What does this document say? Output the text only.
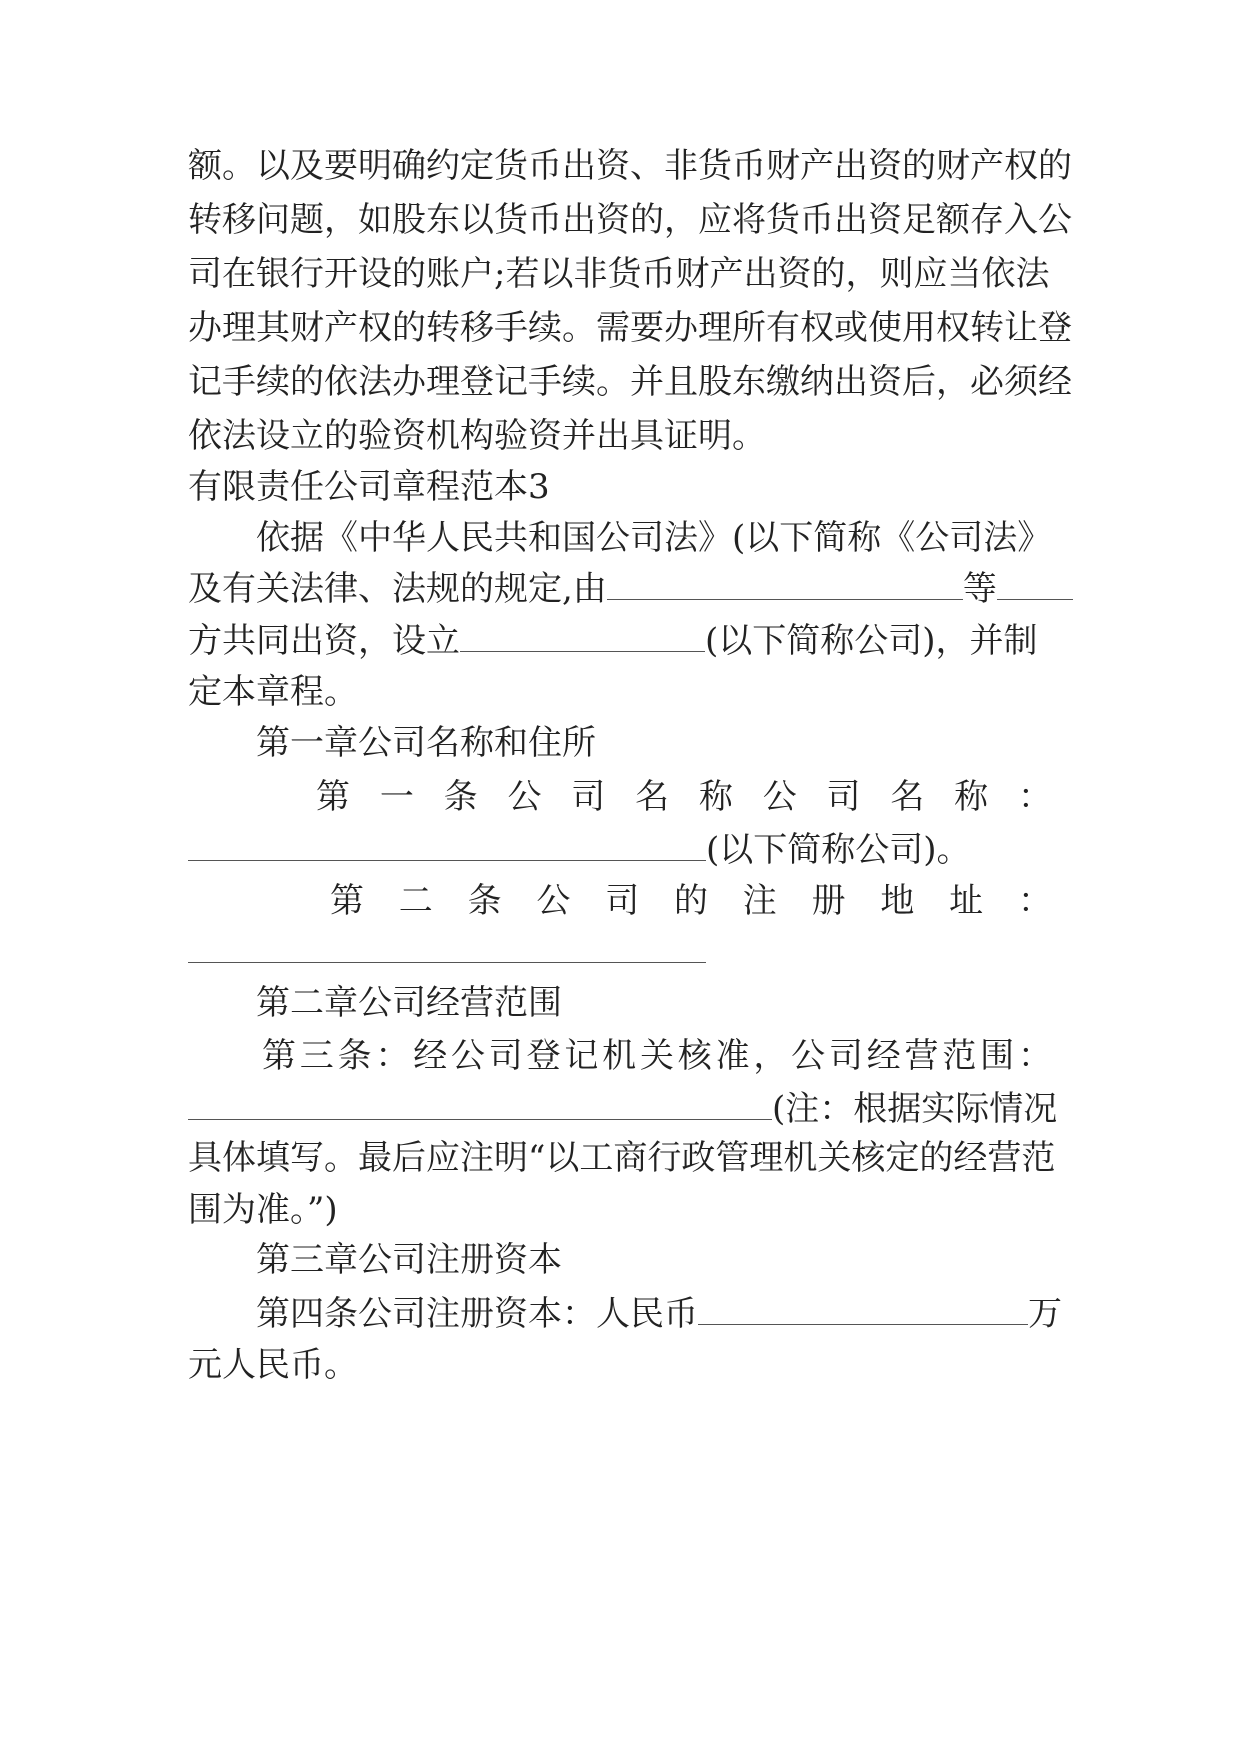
额。以及要明确约定货币出资、非货币财产出资的财产权的
转移问题，如股东以货币出资的，应将货币出资足额存入公
司在银行开设的账户;若以非货币财产出资的，则应当依法
办理其财产权的转移手续。需要办理所有权或使用权转让登
记手续的依法办理登记手续。并且股东缴纳出资后，必须经
依法设立的验资机构验资并出具证明。
有限责任公司章程范本3
依据《中华人民共和国公司法》(以下简称《公司法》
及有关法律、法规的规定,由	等
方共同出资，设立	(以下简称公司)，并制
定本章程。
第一章公司名称和住所
第 一 条 公 司 名 称 公 司 名 称 ：
(以下简称公司)。
第 二 条 公 司 的 注 册 地 址 ：
第二章公司经营范围
第 三 条 ： 经 公 司 登 记 机 关 核 准 ， 公 司 经 营 范 围 ：
(注：根据实际情况
具体填写。最后应注明“以工商行政管理机关核定的经营范
围为准。”)
第三章公司注册资本
第四条公司注册资本：人民币	万
元人民币。
